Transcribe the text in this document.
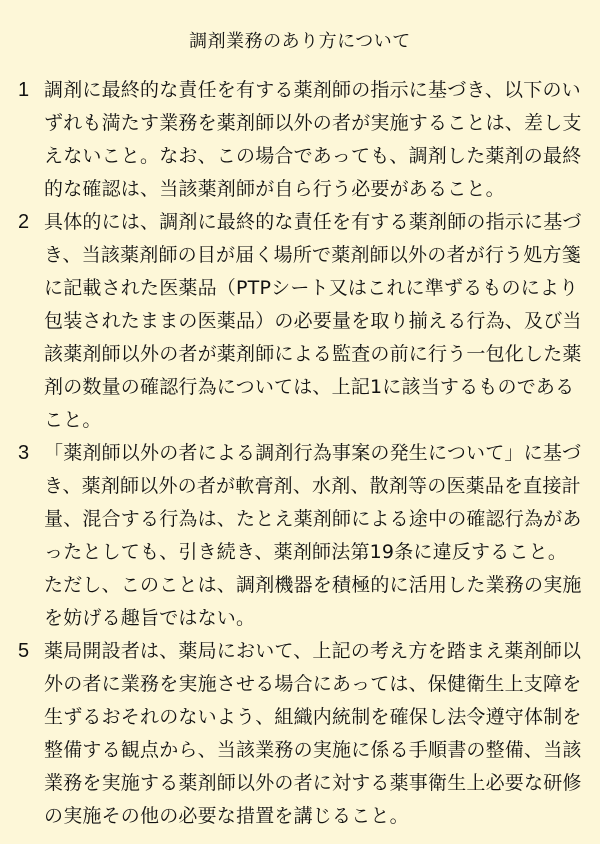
調剤業務のあり方について
1 調剤に最終的な責任を有する薬剤師の指示に基づき、以下のいずれも満たす業務を薬剤師以外の者が実施することは、差し支えないこと。なお、この場合であっても、調剤した薬剤の最終的な確認は、当該薬剤師が自ら行う必要があること。
2 具体的には、調剤に最終的な責任を有する薬剤師の指示に基づき、当該薬剤師の目が届く場所で薬剤師以外の者が行う処方箋に記載された医薬品（PTPシート又はこれに準ずるものにより包装されたままの医薬品）の必要量を取り揃える行為、及び当該薬剤師以外の者が薬剤師による監査の前に行う一包化した薬剤の数量の確認行為については、上記1に該当するものであること。
3 「薬剤師以外の者による調剤行為事案の発生について」に基づき、薬剤師以外の者が軟膏剤、水剤、散剤等の医薬品を直接計量、混合する行為は、たとえ薬剤師による途中の確認行為があったとしても、引き続き、薬剤師法第19条に違反すること。ただし、このことは、調剤機器を積極的に活用した業務の実施を妨げる趣旨ではない。
5 薬局開設者は、薬局において、上記の考え方を踏まえ薬剤師以外の者に業務を実施させる場合にあっては、保健衛生上支障を生ずるおそれのないよう、組織内統制を確保し法令遵守体制を整備する観点から、当該業務の実施に係る手順書の整備、当該業務を実施する薬剤師以外の者に対する薬事衛生上必要な研修の実施その他の必要な措置を講じること。
